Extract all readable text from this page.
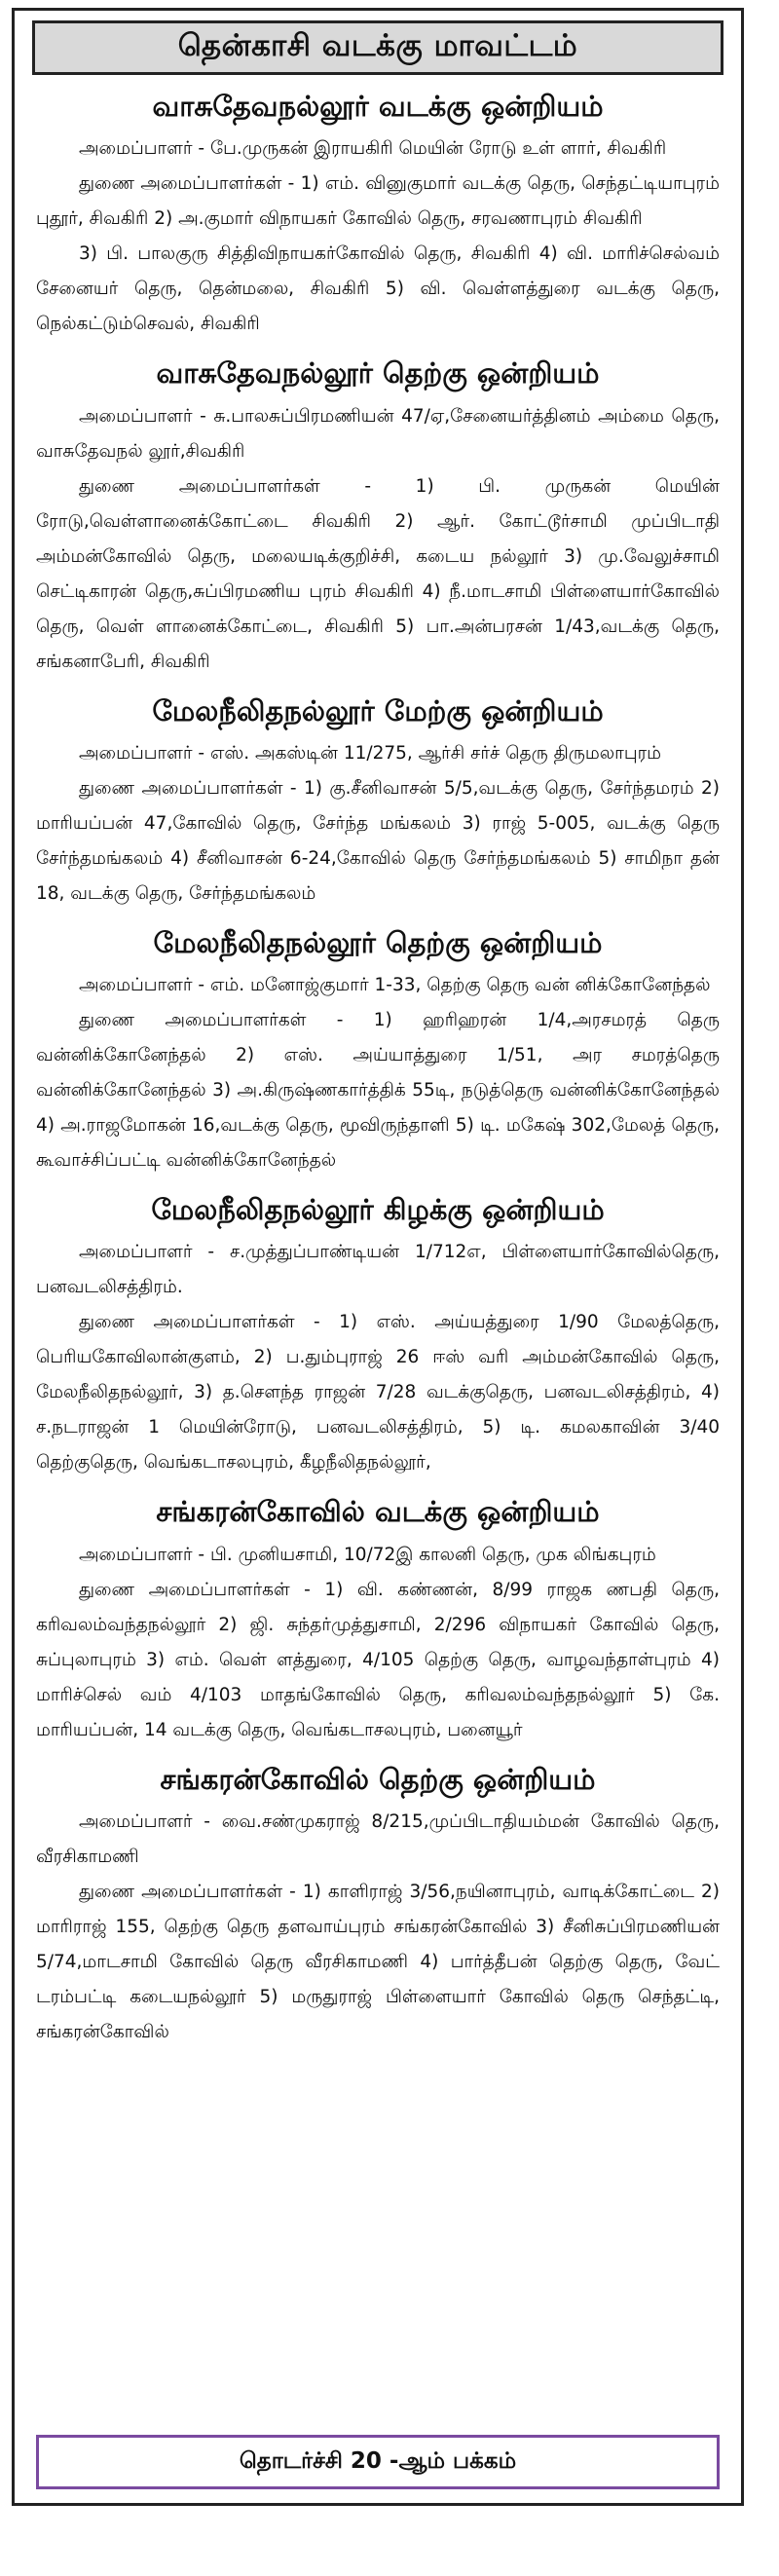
தென்காசி வடக்கு மாவட்டம்
வாசுதேவநல்லூர் வடக்கு ஒன்றியம்

அமைப்பாளர் - பே.முருகன் இராயகிரி மெயின் ரோடு உள் ளார், சிவகிரி

துணை அமைப்பாளர்கள் - 1) எம். வினுகுமார் வடக்கு தெரு, செந்தட்டியாபுரம் புதூர், சிவகிரி 2) அ.குமார் விநாயகர் கோவில் தெரு, சரவணாபுரம் சிவகிரி

3) பி. பாலகுரு சித்திவிநாயகர்கோவில் தெரு, சிவகிரி 4) வி. மாரிச்செல்வம் சேனையர் தெரு, தென்மலை, சிவகிரி 5) வி. வெள்ளத்துரை வடக்கு தெரு, நெல்கட்டும்செவல், சிவகிரி

வாசுதேவநல்லூர் தெற்கு ஒன்றியம்

அமைப்பாளர் - சு.பாலசுப்பிரமணியன் 47/ஏ,சேனையர்த்தினம் அம்மை தெரு, வாசுதேவநல் லூர்,சிவகிரி

துணை அமைப்பாளர்கள் - 1) பி. முருகன் மெயின் ரோடு,வெள்ளானைக்கோட்டை சிவகிரி 2) ஆர். கோட்டூர்சாமி முப்பிடாதி அம்மன்கோவில் தெரு, மலையடிக்குறிச்சி, கடைய நல்லூர் 3) மு.வேலுச்சாமி செட்டிகாரன் தெரு,சுப்பிரமணிய புரம் சிவகிரி 4) நீ.மாடசாமி பிள்ளையார்கோவில் தெரு, வெள் ளானைக்கோட்டை, சிவகிரி 5) பா.அன்பரசன் 1/43,வடக்கு தெரு, சங்கனாபேரி, சிவகிரி

மேலநீலிதநல்லூர் மேற்கு ஒன்றியம்

அமைப்பாளர் - எஸ். அகஸ்டின் 11/275, ஆர்சி சர்ச் தெரு திருமலாபுரம்

துணை அமைப்பாளர்கள் - 1) கு.சீனிவாசன் 5/5,வடக்கு தெரு, சேர்ந்தமரம் 2) மாரியப்பன் 47,கோவில் தெரு, சேர்ந்த மங்கலம் 3) ராஜ் 5-005, வடக்கு தெரு சேர்ந்தமங்கலம் 4) சீனிவாசன் 6-24,கோவில் தெரு சேர்ந்தமங்கலம் 5) சாமிநா தன் 18, வடக்கு தெரு, சேர்ந்தமங்கலம்

மேலநீலிதநல்லூர் தெற்கு ஒன்றியம்

அமைப்பாளர் - எம். மனோஜ்குமார் 1-33, தெற்கு தெரு வன் னிக்கோனேந்தல்

துணை அமைப்பாளர்கள் - 1) ஹரிஹரன் 1/4,அரசமரத் தெரு வன்னிக்கோனேந்தல் 2) எஸ். அய்யாத்துரை 1/51, அர சமரத்தெரு வன்னிக்கோனேந்தல் 3) அ.கிருஷ்ணகார்த்திக் 55டி, நடுத்தெரு வன்னிக்கோனேந்தல் 4) அ.ராஜமோகன் 16,வடக்கு தெரு, மூவிருந்தாளி 5) டி. மகேஷ் 302,மேலத் தெரு, கூவாச்சிப்பட்டி வன்னிக்கோனேந்தல்

மேலநீலிதநல்லூர் கிழக்கு ஒன்றியம்

அமைப்பாளர் - ச.முத்துப்பாண்டியன் 1/712எ, பிள்ளையார்கோவில்தெரு, பனவடலிசத்திரம்.

துணை அமைப்பாளர்கள் - 1) எஸ். அய்யத்துரை 1/90 மேலத்தெரு, பெரியகோவிலான்குளம், 2) ப.தும்புராஜ் 26 ஈஸ் வரி அம்மன்கோவில் தெரு, மேலநீலிதநல்லூர், 3) த.சௌந்த ராஜன் 7/28 வடக்குதெரு, பனவடலிசத்திரம், 4) ச.நடராஜன் 1 மெயின்ரோடு, பனவடலிசத்திரம், 5) டி. கமலகாவின் 3/40 தெற்குதெரு, வெங்கடாசலபுரம், கீழநீலிதநல்லூர்,

சங்கரன்கோவில் வடக்கு ஒன்றியம்

அமைப்பாளர் - பி. முனியசாமி, 10/72இ காலனி தெரு, முக லிங்கபுரம்

துணை அமைப்பாளர்கள் - 1) வி. கண்ணன், 8/99 ராஜக ணபதி தெரு, கரிவலம்வந்தநல்லூர் 2) ஜி. சுந்தர்முத்துசாமி, 2/296 விநாயகர் கோவில் தெரு, சுப்புலாபுரம் 3) எம். வெள் ளத்துரை, 4/105 தெற்கு தெரு, வாழவந்தாள்புரம் 4) மாரிச்செல் வம் 4/103 மாதங்கோவில் தெரு, கரிவலம்வந்தநல்லூர் 5) கே. மாரியப்பன், 14 வடக்கு தெரு, வெங்கடாசலபுரம், பனையூர்

சங்கரன்கோவில் தெற்கு ஒன்றியம்

அமைப்பாளர் - வை.சண்முகராஜ் 8/215,முப்பிடாதியம்மன் கோவில் தெரு, வீரசிகாமணி

துணை அமைப்பாளர்கள் - 1) காளிராஜ் 3/56,நயினாபுரம், வாடிக்கோட்டை 2) மாரிராஜ் 155, தெற்கு தெரு தளவாய்புரம் சங்கரன்கோவில் 3) சீனிசுப்பிரமணியன் 5/74,மாடசாமி கோவில் தெரு வீரசிகாமணி 4) பார்த்தீபன் தெற்கு தெரு, வேட் டரம்பட்டி கடையநல்லூர் 5) மருதுராஜ் பிள்ளையார் கோவில் தெரு செந்தட்டி, சங்கரன்கோவில்

தொடர்ச்சி 20 -ஆம் பக்கம்
